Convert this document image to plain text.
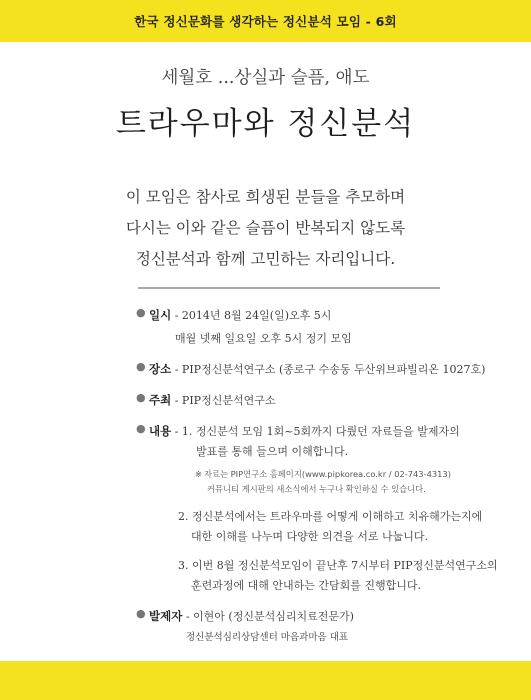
한국 정신문화를 생각하는 정신분석 모임 - 6회
세월호 ...상실과 슬픔, 애도
트라우마와 정신분석
이 모임은 참사로 희생된 분들을 추모하며
다시는 이와 같은 슬픔이 반복되지 않도록
정신분석과 함께 고민하는 자리입니다.
● 일시 - 2014년 8월 24일(일)오후 5시
매월 넷째 일요일 오후 5시 정기 모임
● 장소 - PIP정신분석연구소 (종로구 수송동 두산위브파빌리온 1027호)
● 주최 - PIP정신분석연구소
● 내용 - 1. 정신분석 모임 1회~5회까지 다뤘던 자료들을 발제자의
발표를 통해 들으며 이해합니다.
※ 자료는 PIP연구소 홈페이지(www.pipkorea.co.kr / 02-743-4313)
커뮤니티 게시판의 새소식에서 누구나 확인하실 수 있습니다.
2. 정신분석에서는 트라우마를 어떻게 이해하고 치유해가는지에
대한 이해를 나누며 다양한 의견을 서로 나눕니다.
3. 이번 8월 정신분석모임이 끝난후 7시부터 PIP정신분석연구소의
훈련과정에 대해 안내하는 간담회를 진행합니다.
● 발제자 - 이현아 (정신분석심리치료전문가)
정신분석심리상담센터 마음과마음 대표
